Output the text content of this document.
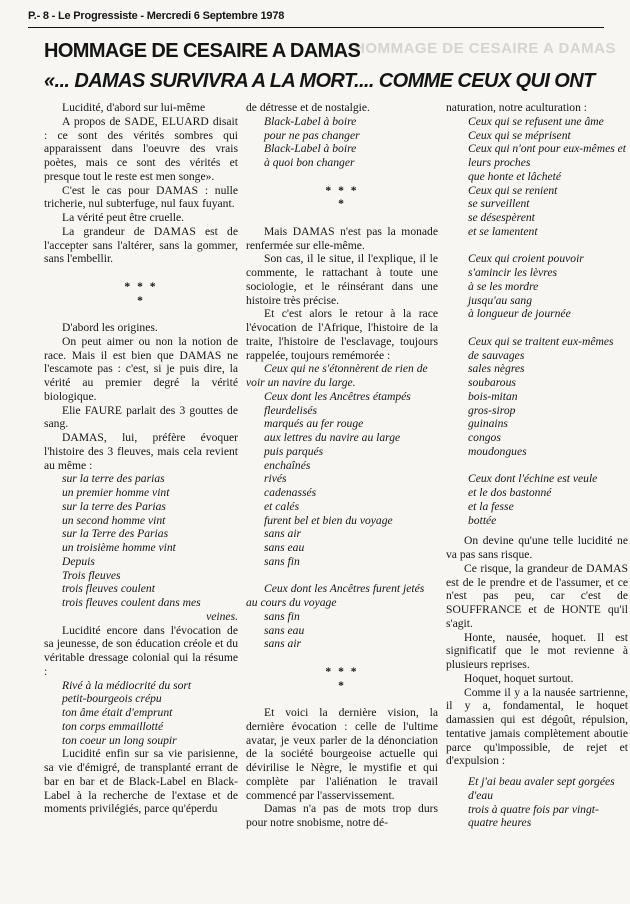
P.- 8 - Le Progressiste - Mercredi 6 Septembre 1978
HOMMAGE DE CESAIRE A DAMAS
HOMMAGE DE CESAIRE A DAMAS
«... DAMAS SURVIVRA A LA MORT.... COMME CEUX QUI ONT

Lucidité, d'abord sur lui-même

A propos de SADE, ELUARD disait : ce sont des vérités sombres qui apparaissent dans l'oeuvre des vrais poètes, mais ce sont des vérités et presque tout le reste est men songe».

C'est le cas pour DAMAS : nulle tricherie, nul subterfuge, nul faux fuyant.

La vérité peut être cruelle.

La grandeur de DAMAS est de l'accepter sans l'altérer, sans la gommer, sans l'embellir.

* * *

*

D'abord les origines.

On peut aimer ou non la notion de race. Mais il est bien que DAMAS ne l'escamote pas : c'est, si je puis dire, la vérité au premier degré la vérité biologique.

Elie FAURE parlait des 3 gouttes de sang.

DAMAS, lui, préfère évoquer l'histoire des 3 fleuves, mais cela revient au même :

sur la terre des parias

un premier homme vint

sur la terre des Parias

un second homme vint

sur la Terre des Parias

un troisième homme vint

Depuis

Trois fleuves

trois fleuves coulent

trois fleuves coulent dans mes

veines.

Lucidité encore dans l'évocation de sa jeunesse, de son éducation créole et du véritable dressage colonial qui la résume :

Rivé à la médiocrité du sort

petit-bourgeois crépu

ton âme était d'emprunt

ton corps emmaillotté

ton coeur un long soupir

Lucidité enfin sur sa vie parisienne, sa vie d'émigré, de transplanté errant de bar en bar et de Black-Label en Black-Label à la recherche de l'extase et de moments privilégiés, parce qu'éperdu

de détresse et de nostalgie.

Black-Label à boire

pour ne pas changer

Black-Label à boire

à quoi bon changer

* * *

*

Mais DAMAS n'est pas la monade renfermée sur elle-même.

Son cas, il le situe, il l'explique, il le commente, le rattachant à toute une sociologie, et le réinsérant dans une histoire très précise.

Et c'est alors le retour à la race l'évocation de l'Afrique, l'histoire de la traite, l'histoire de l'esclavage, toujours rappelée, toujours remémorée :

Ceux qui ne s'étonnèrent de rien de voir un navire du large.

Ceux dont les Ancêtres étampés

fleurdelisés

marqués au fer rouge

aux lettres du navire au large

puis parqués

enchaînés

rivés

cadenassés

et calés

furent bel et bien du voyage

sans air

sans eau

sans fin

Ceux dont les Ancêtres furent jetés au cours du voyage

sans fin

sans eau

sans air

* * *

*

Et voici la dernière vision, la dernière évocation : celle de l'ultime avatar, je veux parler de la dénonciation de la société bourgeoise actuelle qui dévirilise le Nègre, le mystifie et qui complète par l'aliénation le travail commencé par l'asservissement.

Damas n'a pas de mots trop durs pour notre snobisme, notre dé-

naturation, notre aculturation :

Ceux qui se refusent une âme

Ceux qui se méprisent

Ceux qui n'ont pour eux-mêmes et leurs proches

que honte et lâcheté

Ceux qui se renient

se surveillent

se désespèrent

et se lamentent

Ceux qui croient pouvoir s'amincir les lèvres

à se les mordre

jusqu'au sang

à longueur de journée

Ceux qui se traitent eux-mêmes

de sauvages

sales nègres

soubarous

bois-mitan

gros-sirop

guinains

congos

moudongues

Ceux dont l'échine est veule

et le dos bastonné

et la fesse

bottée

On devine qu'une telle lucidité ne va pas sans risque.

Ce risque, la grandeur de DAMAS est de le prendre et de l'assumer, et ce n'est pas peu, car c'est de SOUFFRANCE et de HONTE qu'il s'agit.

Honte, nausée, hoquet. Il est significatif que le mot revienne à plusieurs reprises.

Hoquet, hoquet surtout.

Comme il y a la nausée sartrienne, il y a, fondamental, le hoquet damassien qui est dégoût, répulsion, tentative jamais complètement aboutie parce qu'impossible, de rejet et d'expulsion :

Et j'ai beau avaler sept gorgées d'eau

trois à quatre fois par vingt-quatre heures
